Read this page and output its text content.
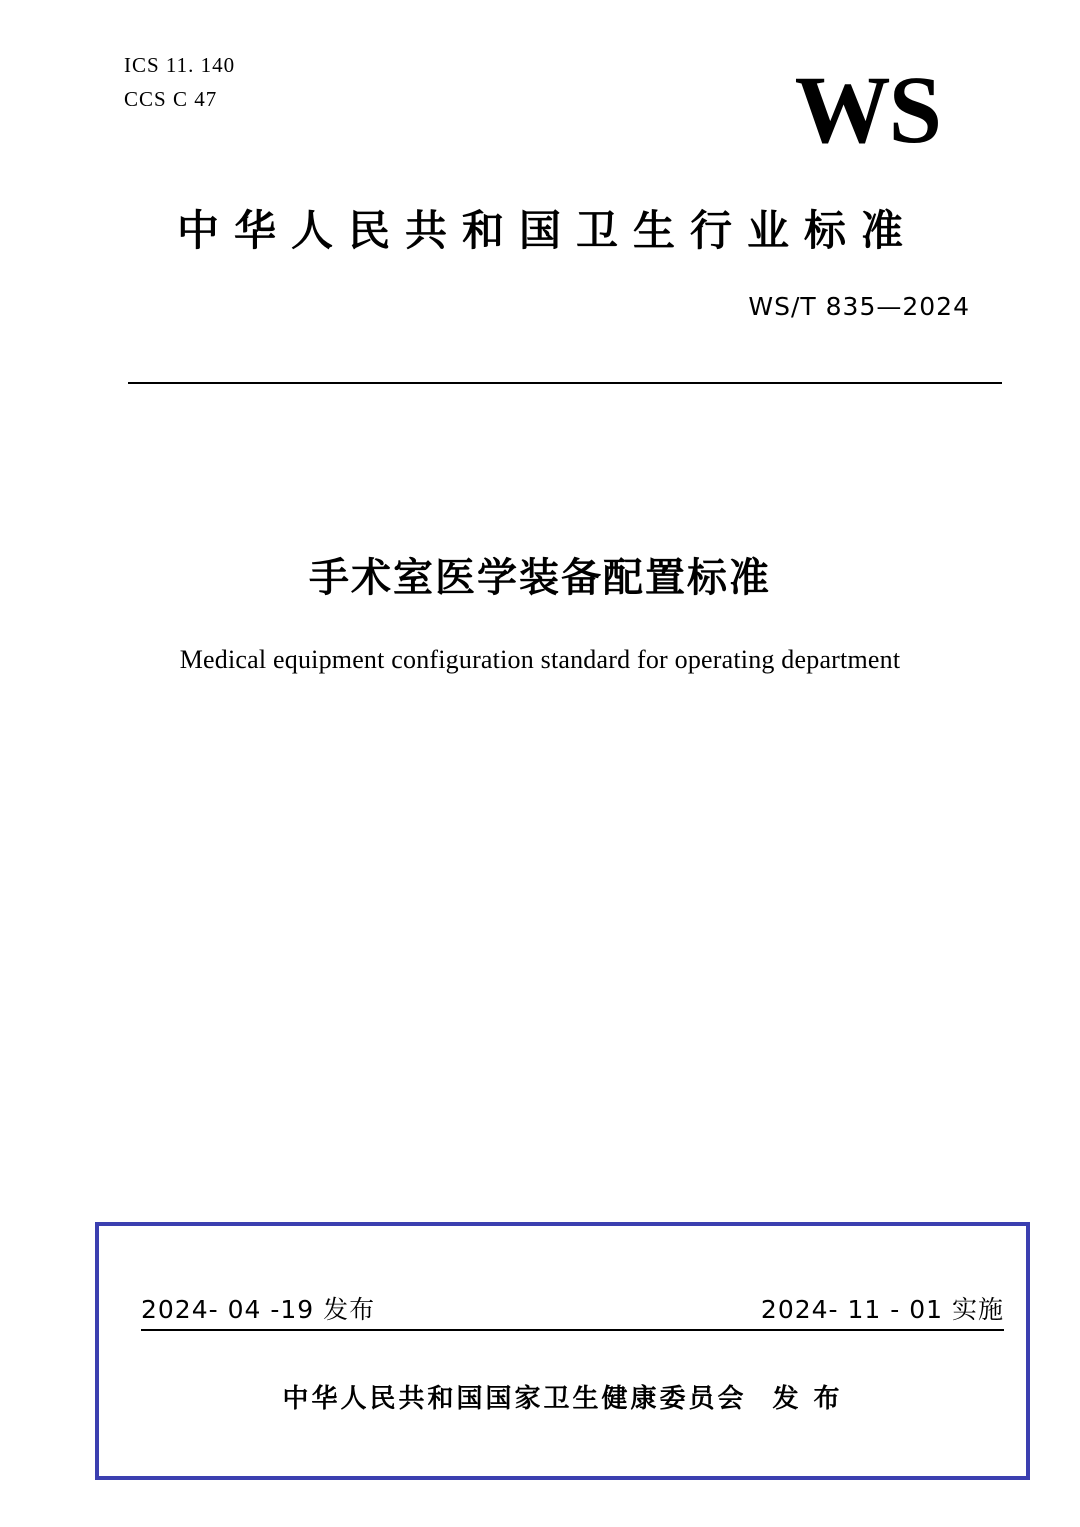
ICS 11. 140
CCS C 47	WS
中华人民共和国卫生行业标准
WS/T 835—2024
手术室医学装备配置标准
Medical equipment configuration standard for operating department
2024- 04 -19 发布	2024- 11 - 01 实施
中华人民共和国国家卫生健康委员会 发 布
